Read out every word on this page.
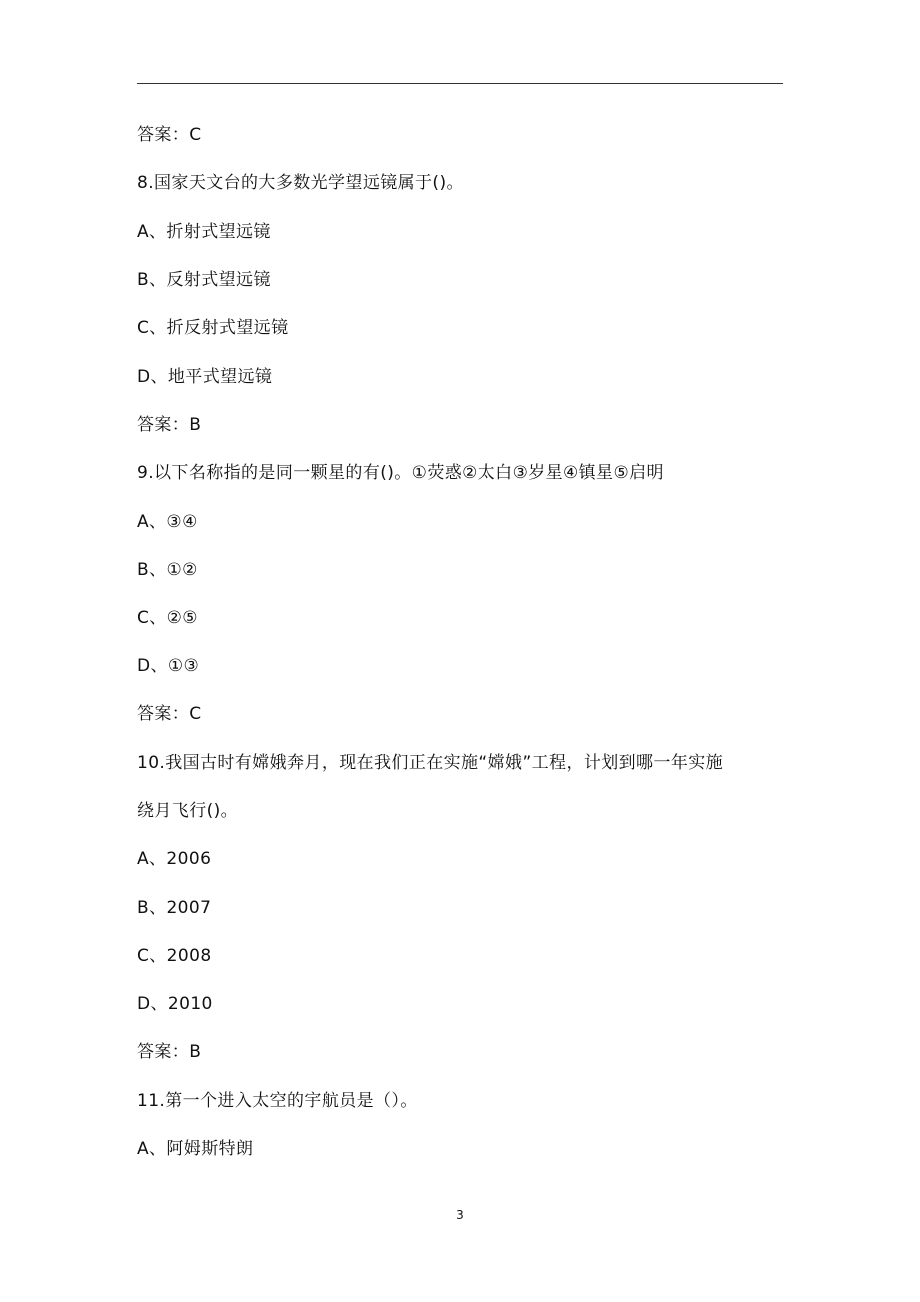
答案：C
8.国家天文台的大多数光学望远镜属于()。
A、折射式望远镜
B、反射式望远镜
C、折反射式望远镜
D、地平式望远镜
答案：B
9.以下名称指的是同一颗星的有()。①荧惑②太白③岁星④镇星⑤启明
A、③④
B、①②
C、②⑤
D、①③
答案：C
10.我国古时有嫦娥奔月，现在我们正在实施“嫦娥”工程，计划到哪一年实施
绕月飞行()。
A、2006
B、2007
C、2008
D、2010
答案：B
11.第一个进入太空的宇航员是（）。
A、阿姆斯特朗
3
